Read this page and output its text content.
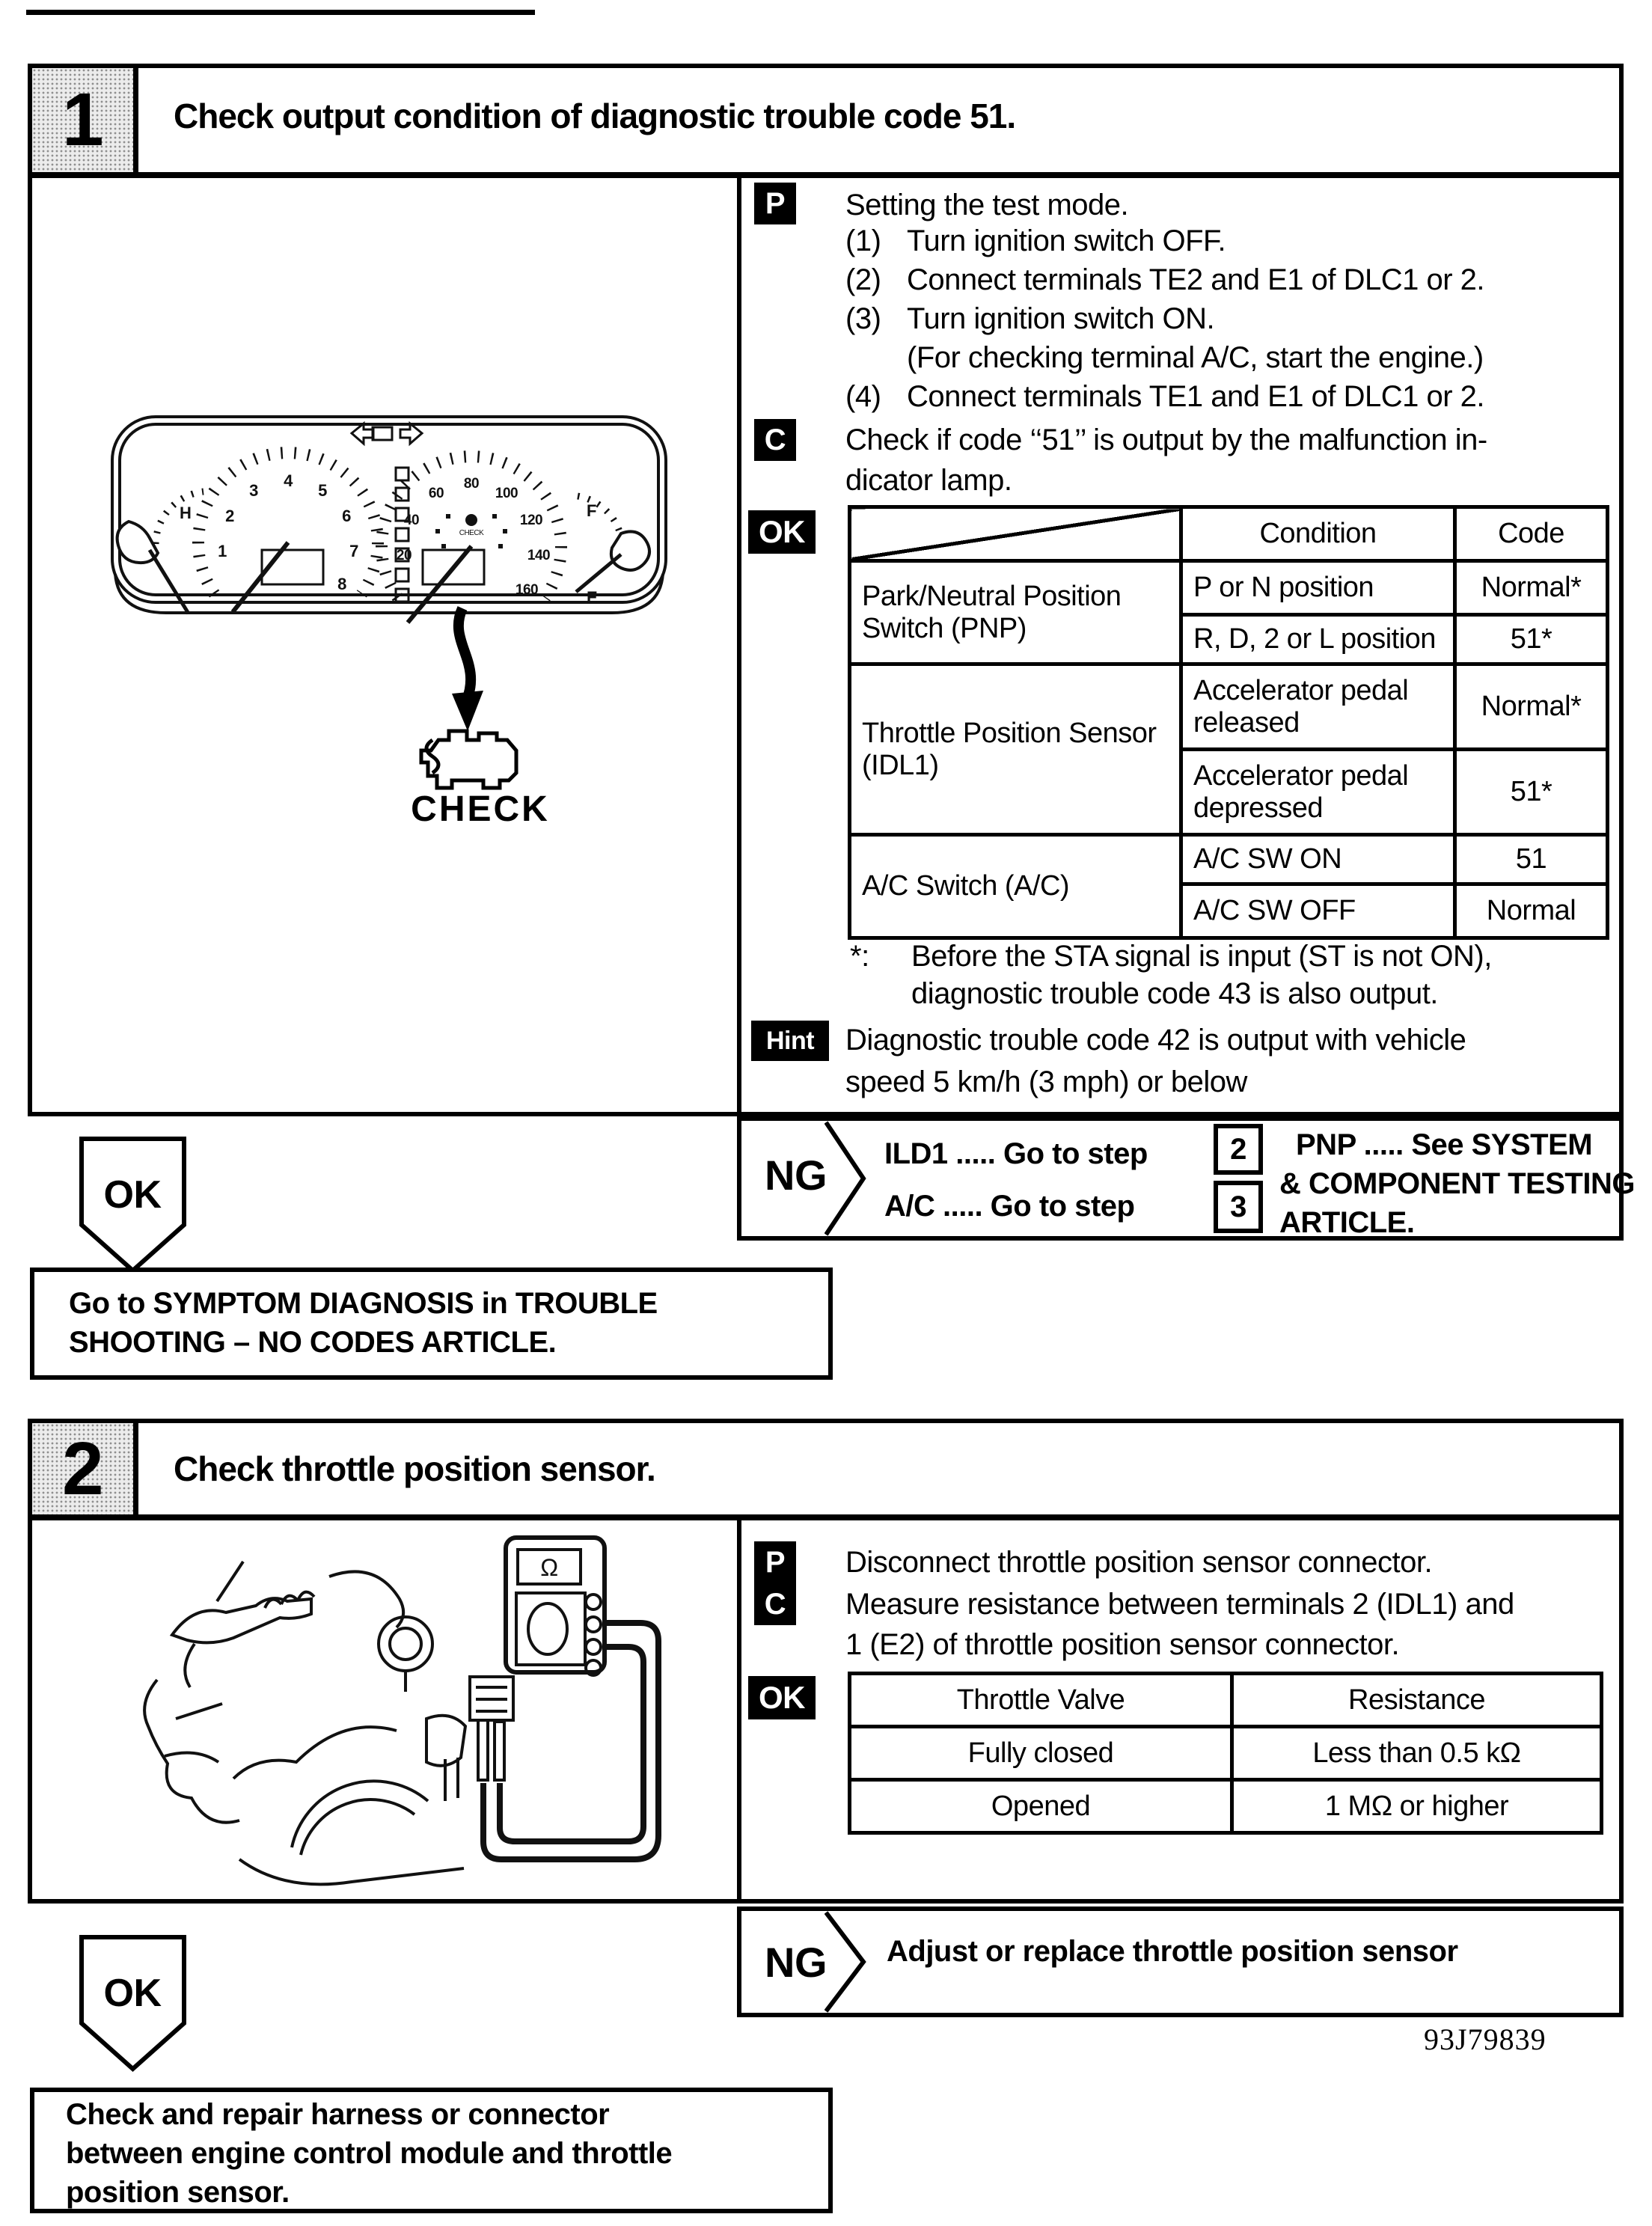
1 Check output condition of diagnostic trouble code 51.
1
2
3
4
5
6
7
8
20
40
60
80
100
120
140
160
H	F
E
CHECK
CHECK
P	Setting the test mode.
(1) Turn ignition switch OFF.
(2) Connect terminals TE2 and E1 of DLC1 or 2.
(3) Turn ignition switch ON.
(For checking terminal A/C, start the engine.)
(4) Connect terminals TE1 and E1 of DLC1 or 2.
C	Check if code ‘‘51’’ is output by the malfunction in-
dicator lamp.
OK
		Condition	Code
Park/Neutral Position Switch (PNP)	P or N position	Normal*
	R, D, 2 or L position	51*
Throttle Position Sensor (IDL1)	Accelerator pedal released	Normal*
	Accelerator pedal depressed	51*
A/C Switch (A/C)	A/C SW ON	51
	A/C SW OFF	Normal
*: Before the STA signal is input (ST is not ON),
diagnostic trouble code 43 is also output.
Hint	Diagnostic trouble code 42 is output with vehicle
speed 5 km/h (3 mph) or below
NG ILD1 ..... Go to step	2
A/C ..... Go to step	3
PNP ..... See SYSTEM
& COMPONENT TESTING
ARTICLE.
OK
Go to SYMPTOM DIAGNOSIS in TROUBLE
SHOOTING – NO CODES ARTICLE.
2 Check throttle position sensor.
Ω	P	Disconnect throttle position sensor connector.
C	Measure resistance between terminals 2 (IDL1) and
1 (E2) of throttle position sensor connector.
OK	Throttle Valve	Resistance
Fully closed	Less than 0.5 kΩ
Opened	1 MΩ or higher
NG Adjust or replace throttle position sensor
93J79839
OK
Check and repair harness or connector
between engine control module and throttle
position sensor.
